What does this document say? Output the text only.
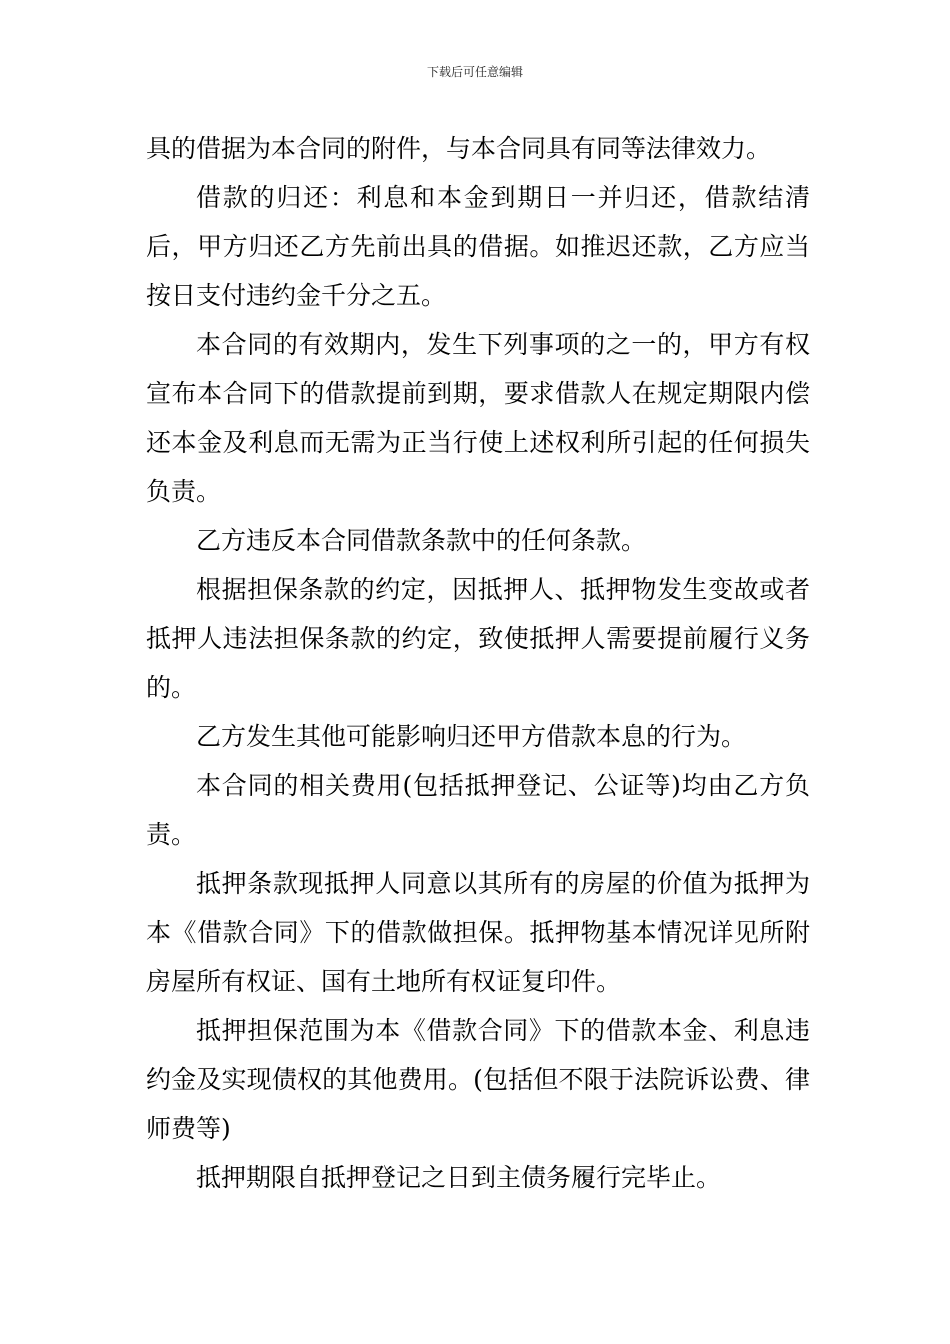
下载后可任意编辑

具的借据为本合同的附件，与本合同具有同等法律效力。

借款的归还：利息和本金到期日一并归还，借款结清后，甲方归还乙方先前出具的借据。如推迟还款，乙方应当按日支付违约金千分之五。

本合同的有效期内，发生下列事项的之一的，甲方有权宣布本合同下的借款提前到期，要求借款人在规定期限内偿还本金及利息而无需为正当行使上述权利所引起的任何损失负责。

乙方违反本合同借款条款中的任何条款。

根据担保条款的约定，因抵押人、抵押物发生变故或者抵押人违法担保条款的约定，致使抵押人需要提前履行义务的。

乙方发生其他可能影响归还甲方借款本息的行为。

本合同的相关费用(包括抵押登记、公证等)均由乙方负责。

抵押条款现抵押人同意以其所有的房屋的价值为抵押为本《借款合同》下的借款做担保。抵押物基本情况详见所附房屋所有权证、国有土地所有权证复印件。

抵押担保范围为本《借款合同》下的借款本金、利息违约金及实现债权的其他费用。(包括但不限于法院诉讼费、律师费等)

抵押期限自抵押登记之日到主债务履行完毕止。
